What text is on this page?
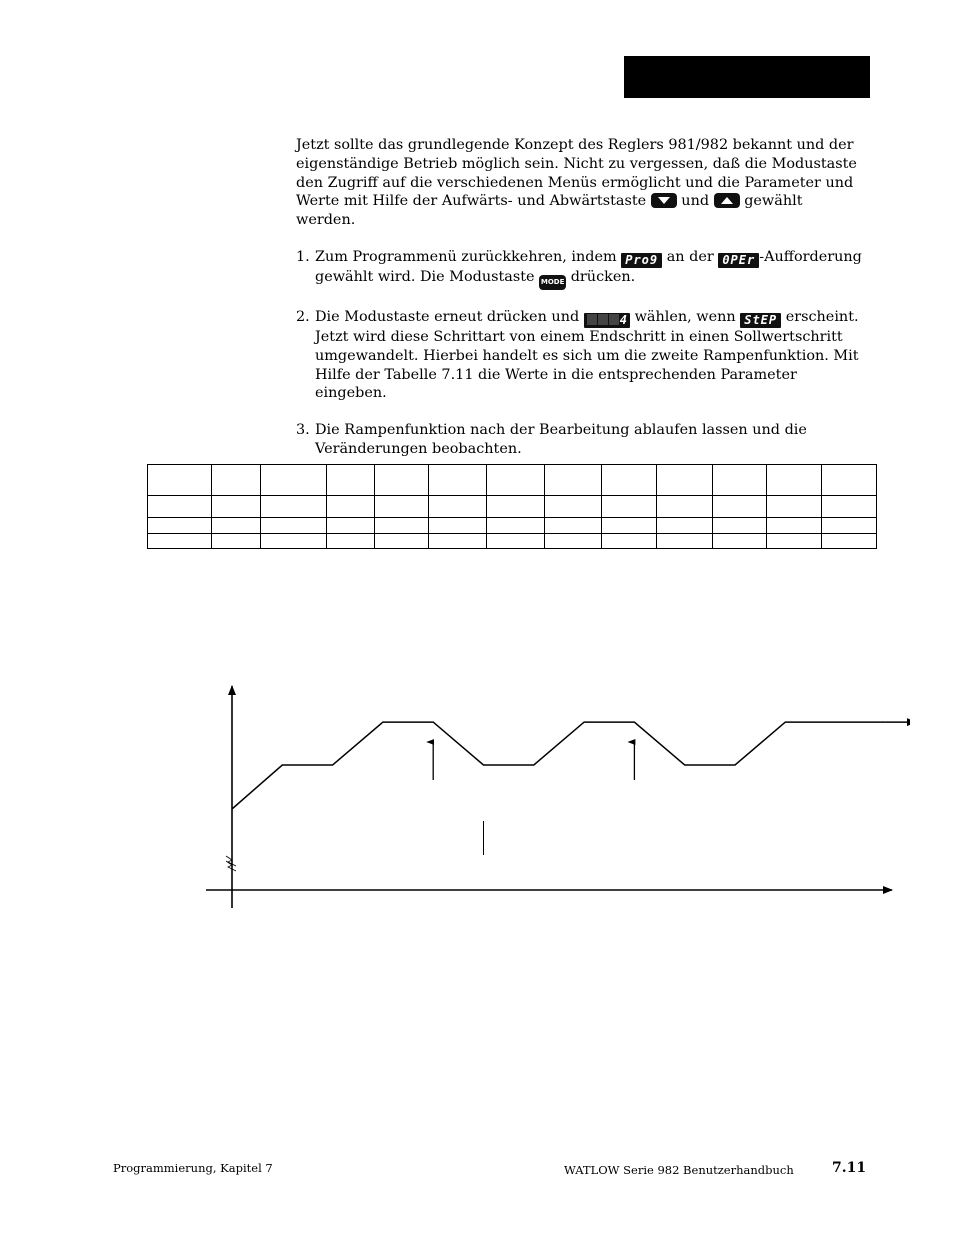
Jetzt sollte das grundlegende Konzept des Reglers 981/982 bekannt und der eigenständige Betrieb möglich sein. Nicht zu vergessen, daß die Modustaste den Zugriff auf die verschiedenen Menüs ermöglicht und die Parameter und Werte mit Hilfe der Aufwärts- und Abwärtstaste und gewählt werden.

1. Zum Programmenü zurückkehren, indem Pro9 an der 0PEr -Aufforderung gewählt wird. Die Modustaste MODE drücken.
2. Die Modustaste erneut drücken und	4 wählen, wenn StEP erscheint. Jetzt wird diese Schrittart von einem Endschritt in einen Sollwertschritt umgewandelt. Hierbei handelt es sich um die zweite Rampenfunktion. Mit Hilfe der Tabelle 7.11 die Werte in die entsprechenden Parameter eingeben.
3. Die Rampenfunktion nach der Bearbeitung ablaufen lassen und die Veränderungen beobachten.

Programmierung, Kapitel 7	WATLOW Serie 982 Benutzerhandbuch	7.11
